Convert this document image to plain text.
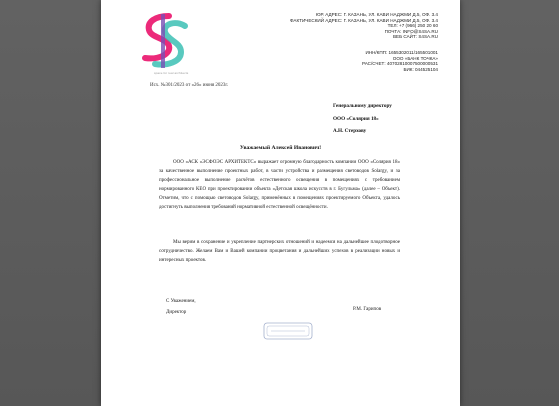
space for real architects
ЮР. АДРЕС: Г. КАЗАНЬ, УЛ. КАВИ НАДЖМИ Д.5, ОФ. 3.4
ФАКТИЧЕСКИЙ АДРЕС: Г. КАЗАНЬ, УЛ. КАВИ НАДЖМИ Д.5, ОФ. 3.4
ТЕЛ: +7 (966) 250 20 60
ПОЧТА: INFO@S4SA.RU
ВЕБ САЙТ: S4SA.RU
ИНН/КПП: 1655302011/165501001
ООО «БАНК ТОЧКА»
РАС/СЧЕТ: 40702810007500000531
БИК: 044525104
Исх. №301/2023 от «26» июня 2023г.
Генеральному директору
ООО «Солярия 18»
А.Н. Стерхову
Уважаемый Алексей Иванович!
ООО «АСК «ЭСФОЭС АРХИТЕКТС» выражает огромную благодарность компании ООО «Солярия 18» за качественное выполнение проектных работ, в части устройства и размещения световодов Solargy, и за профессиональное выполнение расчётов естественного освещения в помещениях с требованием нормированного КЕО при проектировании объекта «Детская школа искусств в г. Бугульма» (далее – Объект). Отметим, что с помощью световодов Solargy, применённых в помещениях проектируемого Объекта, удалось достигнуть выполнения требований нормативной естественной освещённости.
Мы верим в сохранение и укрепление партнерских отношений и надеемся на дальнейшее плодотворное сотрудничество. Желаем Вам и Вашей компании процветания и дальнейших успехов в реализации новых и интересных проектов.
С Уважением,
Директор
Р.М. Гарипов
